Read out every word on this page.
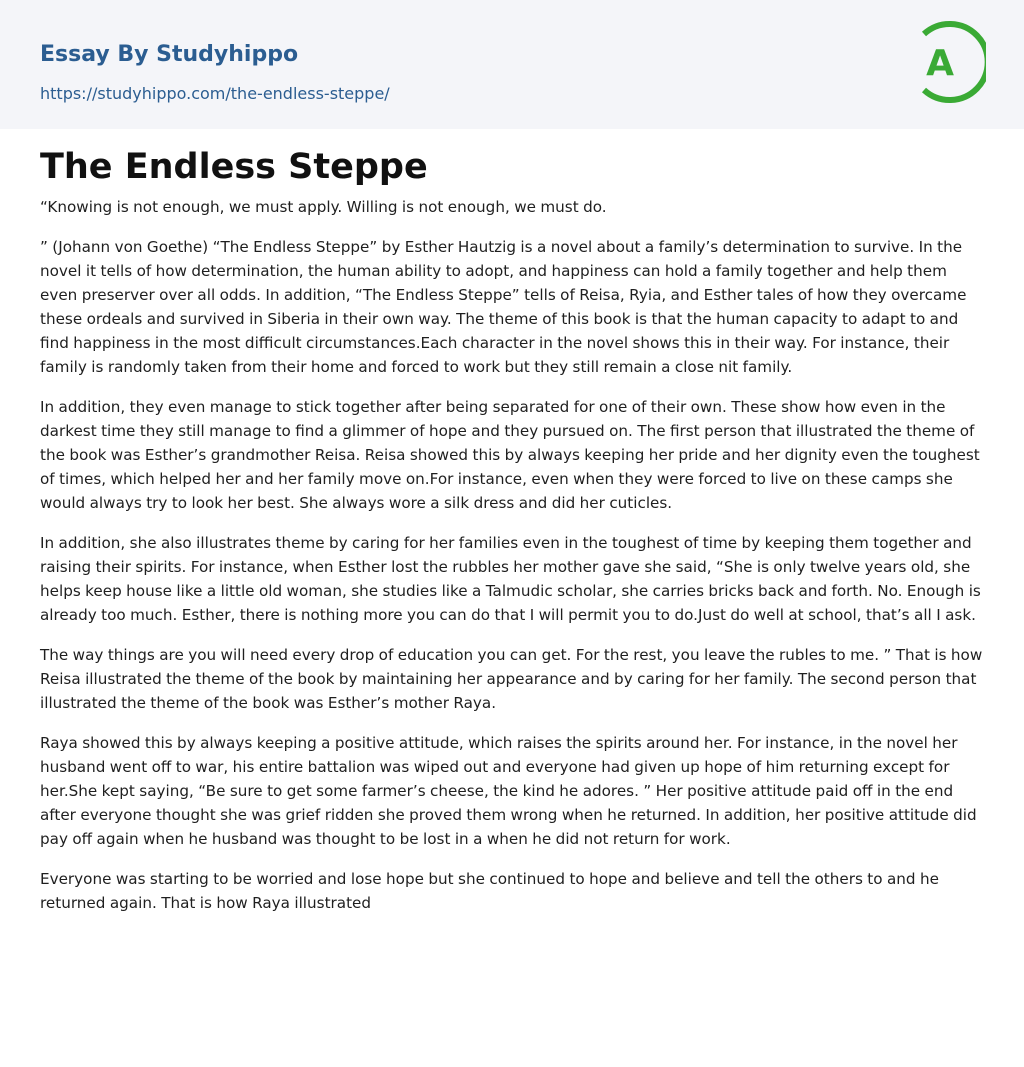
Essay By Studyhippo
https://studyhippo.com/the-endless-steppe/
A
The Endless Steppe

“Knowing is not enough, we must apply. Willing is not enough, we must do.

” (Johann von Goethe) “The Endless Steppe” by Esther Hautzig is a novel about a family’s determination to survive. In the novel it tells of how determination, the human ability to adopt, and happiness can hold a family together and help them even preserver over all odds. In addition, “The Endless Steppe” tells of Reisa, Ryia, and Esther tales of how they overcame these ordeals and survived in Siberia in their own way. The theme of this book is that the human capacity to adapt to and find happiness in the most difficult circumstances.Each character in the novel shows this in their way. For instance, their family is randomly taken from their home and forced to work but they still remain a close nit family.

In addition, they even manage to stick together after being separated for one of their own. These show how even in the darkest time they still manage to find a glimmer of hope and they pursued on. The first person that illustrated the theme of the book was Esther’s grandmother Reisa. Reisa showed this by always keeping her pride and her dignity even the toughest of times, which helped her and her family move on.For instance, even when they were forced to live on these camps she would always try to look her best. She always wore a silk dress and did her cuticles.

In addition, she also illustrates theme by caring for her families even in the toughest of time by keeping them together and raising their spirits. For instance, when Esther lost the rubbles her mother gave she said, “She is only twelve years old, she helps keep house like a little old woman, she studies like a Talmudic scholar, she carries bricks back and forth. No. Enough is already too much. Esther, there is nothing more you can do that I will permit you to do.Just do well at school, that’s all I ask.

The way things are you will need every drop of education you can get. For the rest, you leave the rubles to me. ” That is how Reisa illustrated the theme of the book by maintaining her appearance and by caring for her family. The second person that illustrated the theme of the book was Esther’s mother Raya.

Raya showed this by always keeping a positive attitude, which raises the spirits around her. For instance, in the novel her husband went off to war, his entire battalion was wiped out and everyone had given up hope of him returning except for her.She kept saying, “Be sure to get some farmer’s cheese, the kind he adores. ” Her positive attitude paid off in the end after everyone thought she was grief ridden she proved them wrong when he returned. In addition, her positive attitude did pay off again when he husband was thought to be lost in a when he did not return for work.

Everyone was starting to be worried and lose hope but she continued to hope and believe and tell the others to and he returned again. That is how Raya illustrated
